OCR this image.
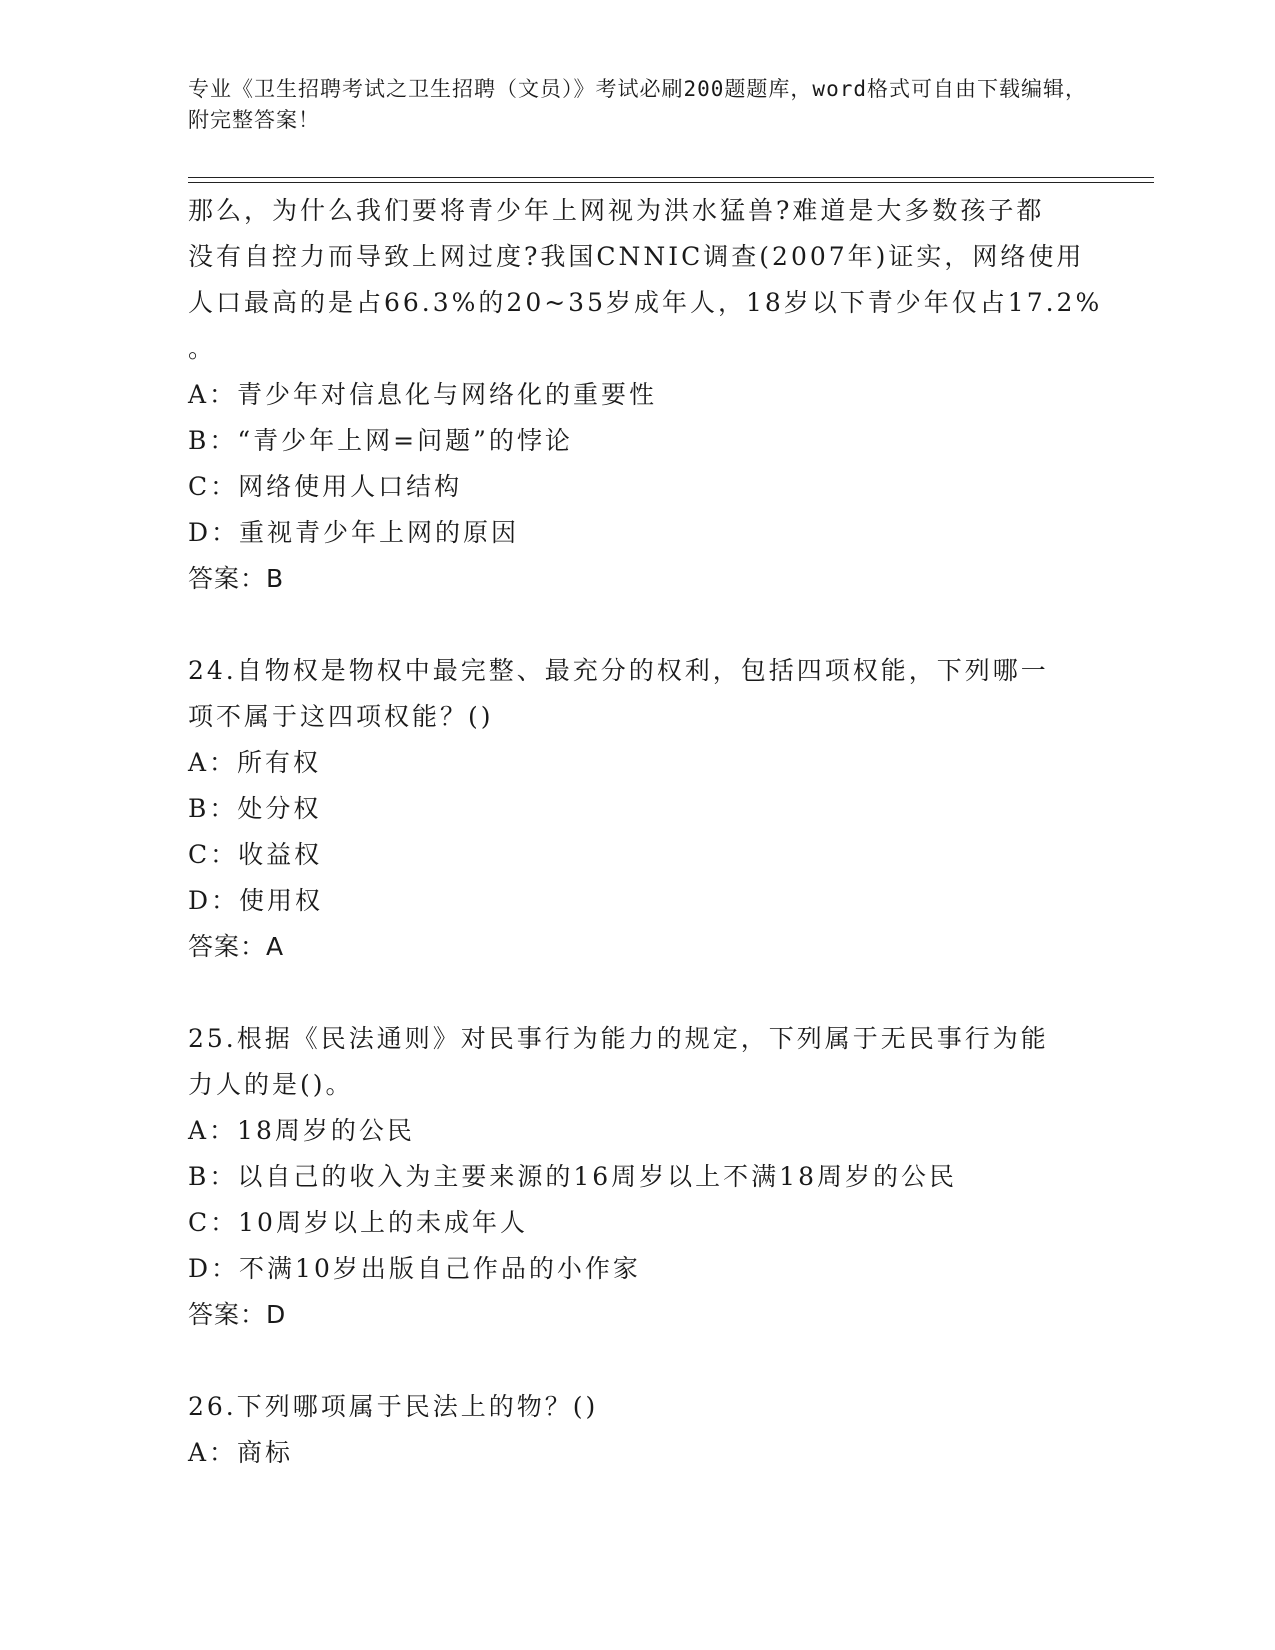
专业《卫生招聘考试之卫生招聘（文员）》考试必刷200题题库，word格式可自由下载编辑，附完整答案！
那么，为什么我们要将青少年上网视为洪水猛兽?难道是大多数孩子都
没有自控力而导致上网过度?我国CNNIC调查(2007年)证实，网络使用
人口最高的是占66.3%的20~35岁成年人，18岁以下青少年仅占17.2%
。
A：青少年对信息化与网络化的重要性
B：“青少年上网=问题”的悖论
C：网络使用人口结构
D：重视青少年上网的原因
答案：B
24.自物权是物权中最完整、最充分的权利，包括四项权能，下列哪一
项不属于这四项权能？()
A：所有权
B：处分权
C：收益权
D：使用权
答案：A
25.根据《民法通则》对民事行为能力的规定，下列属于无民事行为能
力人的是()。
A：18周岁的公民
B：以自己的收入为主要来源的16周岁以上不满18周岁的公民
C：10周岁以上的未成年人
D：不满10岁出版自己作品的小作家
答案：D
26.下列哪项属于民法上的物？()
A：商标
